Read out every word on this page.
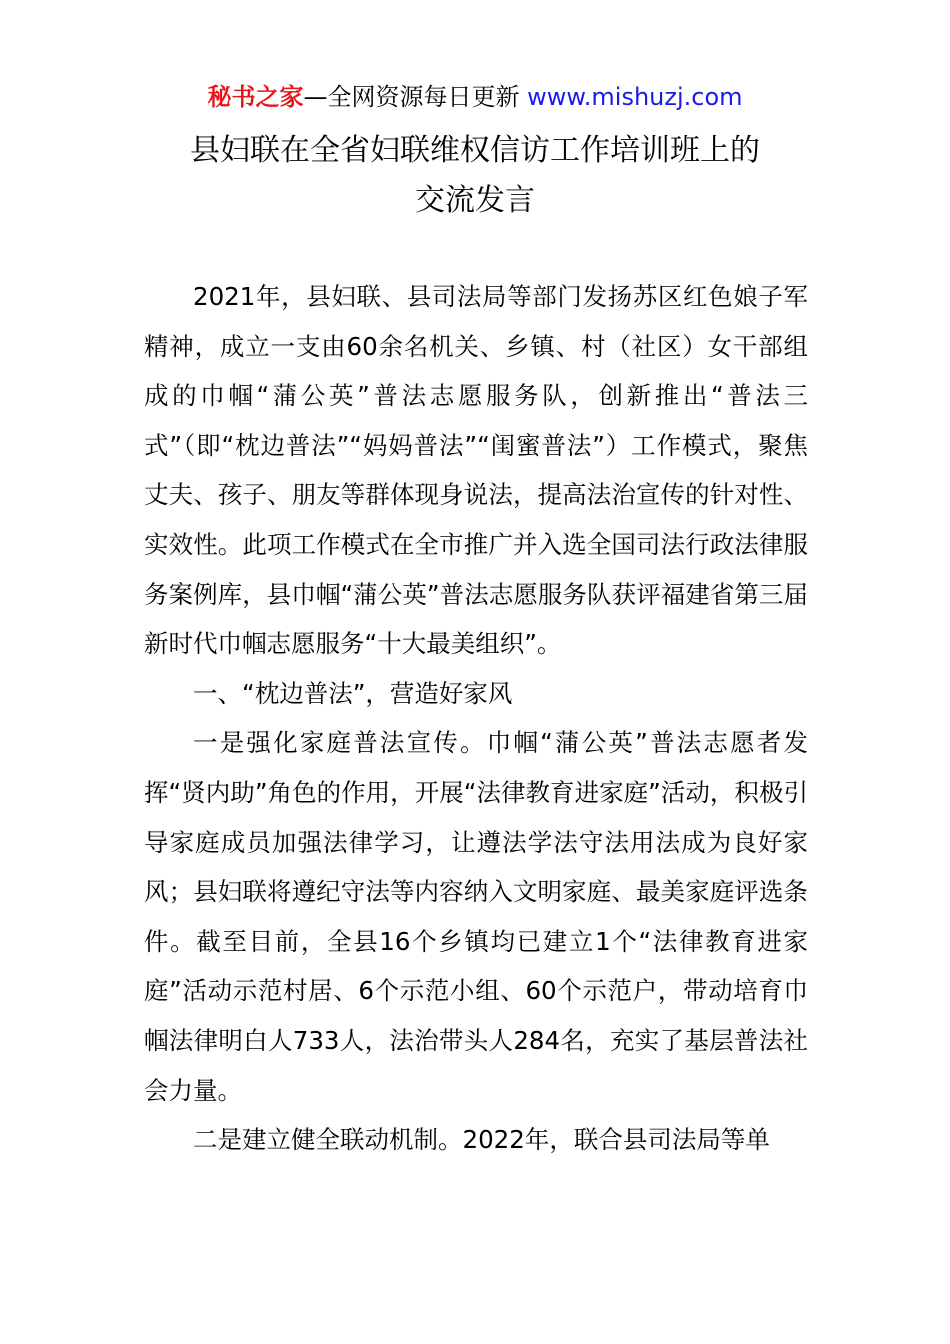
秘书之家—全网资源每日更新 www.mishuzj.com
县妇联在全省妇联维权信访工作培训班上的
交流发言

2021年，县妇联、县司法局等部门发扬苏区红色娘子军精神，成立一支由60余名机关、乡镇、村（社区）女干部组成的巾帼“蒲公英”普法志愿服务队，创新推出“普法三式”（即“枕边普法”“妈妈普法”“闺蜜普法”）工作模式，聚焦丈夫、孩子、朋友等群体现身说法，提高法治宣传的针对性、实效性。此项工作模式在全市推广并入选全国司法行政法律服务案例库，县巾帼“蒲公英”普法志愿服务队获评福建省第三届新时代巾帼志愿服务“十大最美组织”。

一、“枕边普法”，营造好家风

一是强化家庭普法宣传。巾帼“蒲公英”普法志愿者发挥“贤内助”角色的作用，开展“法律教育进家庭”活动，积极引导家庭成员加强法律学习，让遵法学法守法用法成为良好家风；县妇联将遵纪守法等内容纳入文明家庭、最美家庭评选条件。截至目前，全县16个乡镇均已建立1个“法律教育进家庭”活动示范村居、6个示范小组、60个示范户，带动培育巾帼法律明白人733人，法治带头人284名，充实了基层普法社会力量。

二是建立健全联动机制。2022年，联合县司法局等单
